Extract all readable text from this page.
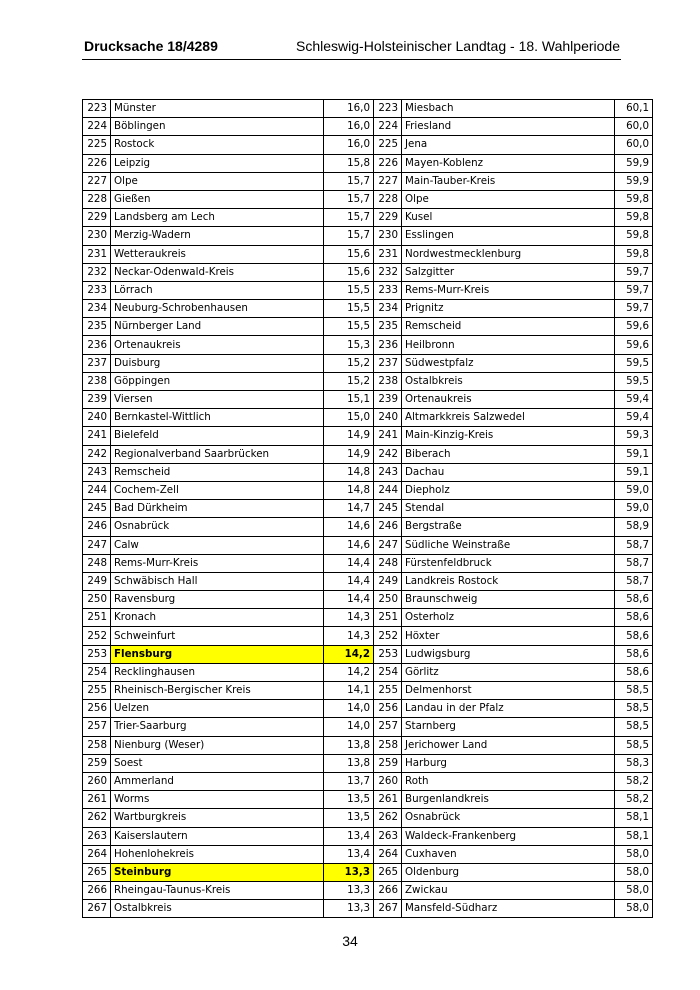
Drucksache 18/4289	Schleswig-Holsteinischer Landtag - 18. Wahlperiode
223	Münster	16,0	223	Miesbach	60,1
224	Böblingen	16,0	224	Friesland	60,0
225	Rostock	16,0	225	Jena	60,0
226	Leipzig	15,8	226	Mayen-Koblenz	59,9
227	Olpe	15,7	227	Main-Tauber-Kreis	59,9
228	Gießen	15,7	228	Olpe	59,8
229	Landsberg am Lech	15,7	229	Kusel	59,8
230	Merzig-Wadern	15,7	230	Esslingen	59,8
231	Wetteraukreis	15,6	231	Nordwestmecklenburg	59,8
232	Neckar-Odenwald-Kreis	15,6	232	Salzgitter	59,7
233	Lörrach	15,5	233	Rems-Murr-Kreis	59,7
234	Neuburg-Schrobenhausen	15,5	234	Prignitz	59,7
235	Nürnberger Land	15,5	235	Remscheid	59,6
236	Ortenaukreis	15,3	236	Heilbronn	59,6
237	Duisburg	15,2	237	Südwestpfalz	59,5
238	Göppingen	15,2	238	Ostalbkreis	59,5
239	Viersen	15,1	239	Ortenaukreis	59,4
240	Bernkastel-Wittlich	15,0	240	Altmarkkreis Salzwedel	59,4
241	Bielefeld	14,9	241	Main-Kinzig-Kreis	59,3
242	Regionalverband Saarbrücken	14,9	242	Biberach	59,1
243	Remscheid	14,8	243	Dachau	59,1
244	Cochem-Zell	14,8	244	Diepholz	59,0
245	Bad Dürkheim	14,7	245	Stendal	59,0
246	Osnabrück	14,6	246	Bergstraße	58,9
247	Calw	14,6	247	Südliche Weinstraße	58,7
248	Rems-Murr-Kreis	14,4	248	Fürstenfeldbruck	58,7
249	Schwäbisch Hall	14,4	249	Landkreis Rostock	58,7
250	Ravensburg	14,4	250	Braunschweig	58,6
251	Kronach	14,3	251	Osterholz	58,6
252	Schweinfurt	14,3	252	Höxter	58,6
253	Flensburg	14,2	253	Ludwigsburg	58,6
254	Recklinghausen	14,2	254	Görlitz	58,6
255	Rheinisch-Bergischer Kreis	14,1	255	Delmenhorst	58,5
256	Uelzen	14,0	256	Landau in der Pfalz	58,5
257	Trier-Saarburg	14,0	257	Starnberg	58,5
258	Nienburg (Weser)	13,8	258	Jerichower Land	58,5
259	Soest	13,8	259	Harburg	58,3
260	Ammerland	13,7	260	Roth	58,2
261	Worms	13,5	261	Burgenlandkreis	58,2
262	Wartburgkreis	13,5	262	Osnabrück	58,1
263	Kaiserslautern	13,4	263	Waldeck-Frankenberg	58,1
264	Hohenlohekreis	13,4	264	Cuxhaven	58,0
265	Steinburg	13,3	265	Oldenburg	58,0
266	Rheingau-Taunus-Kreis	13,3	266	Zwickau	58,0
267	Ostalbkreis	13,3	267	Mansfeld-Südharz	58,0
34
